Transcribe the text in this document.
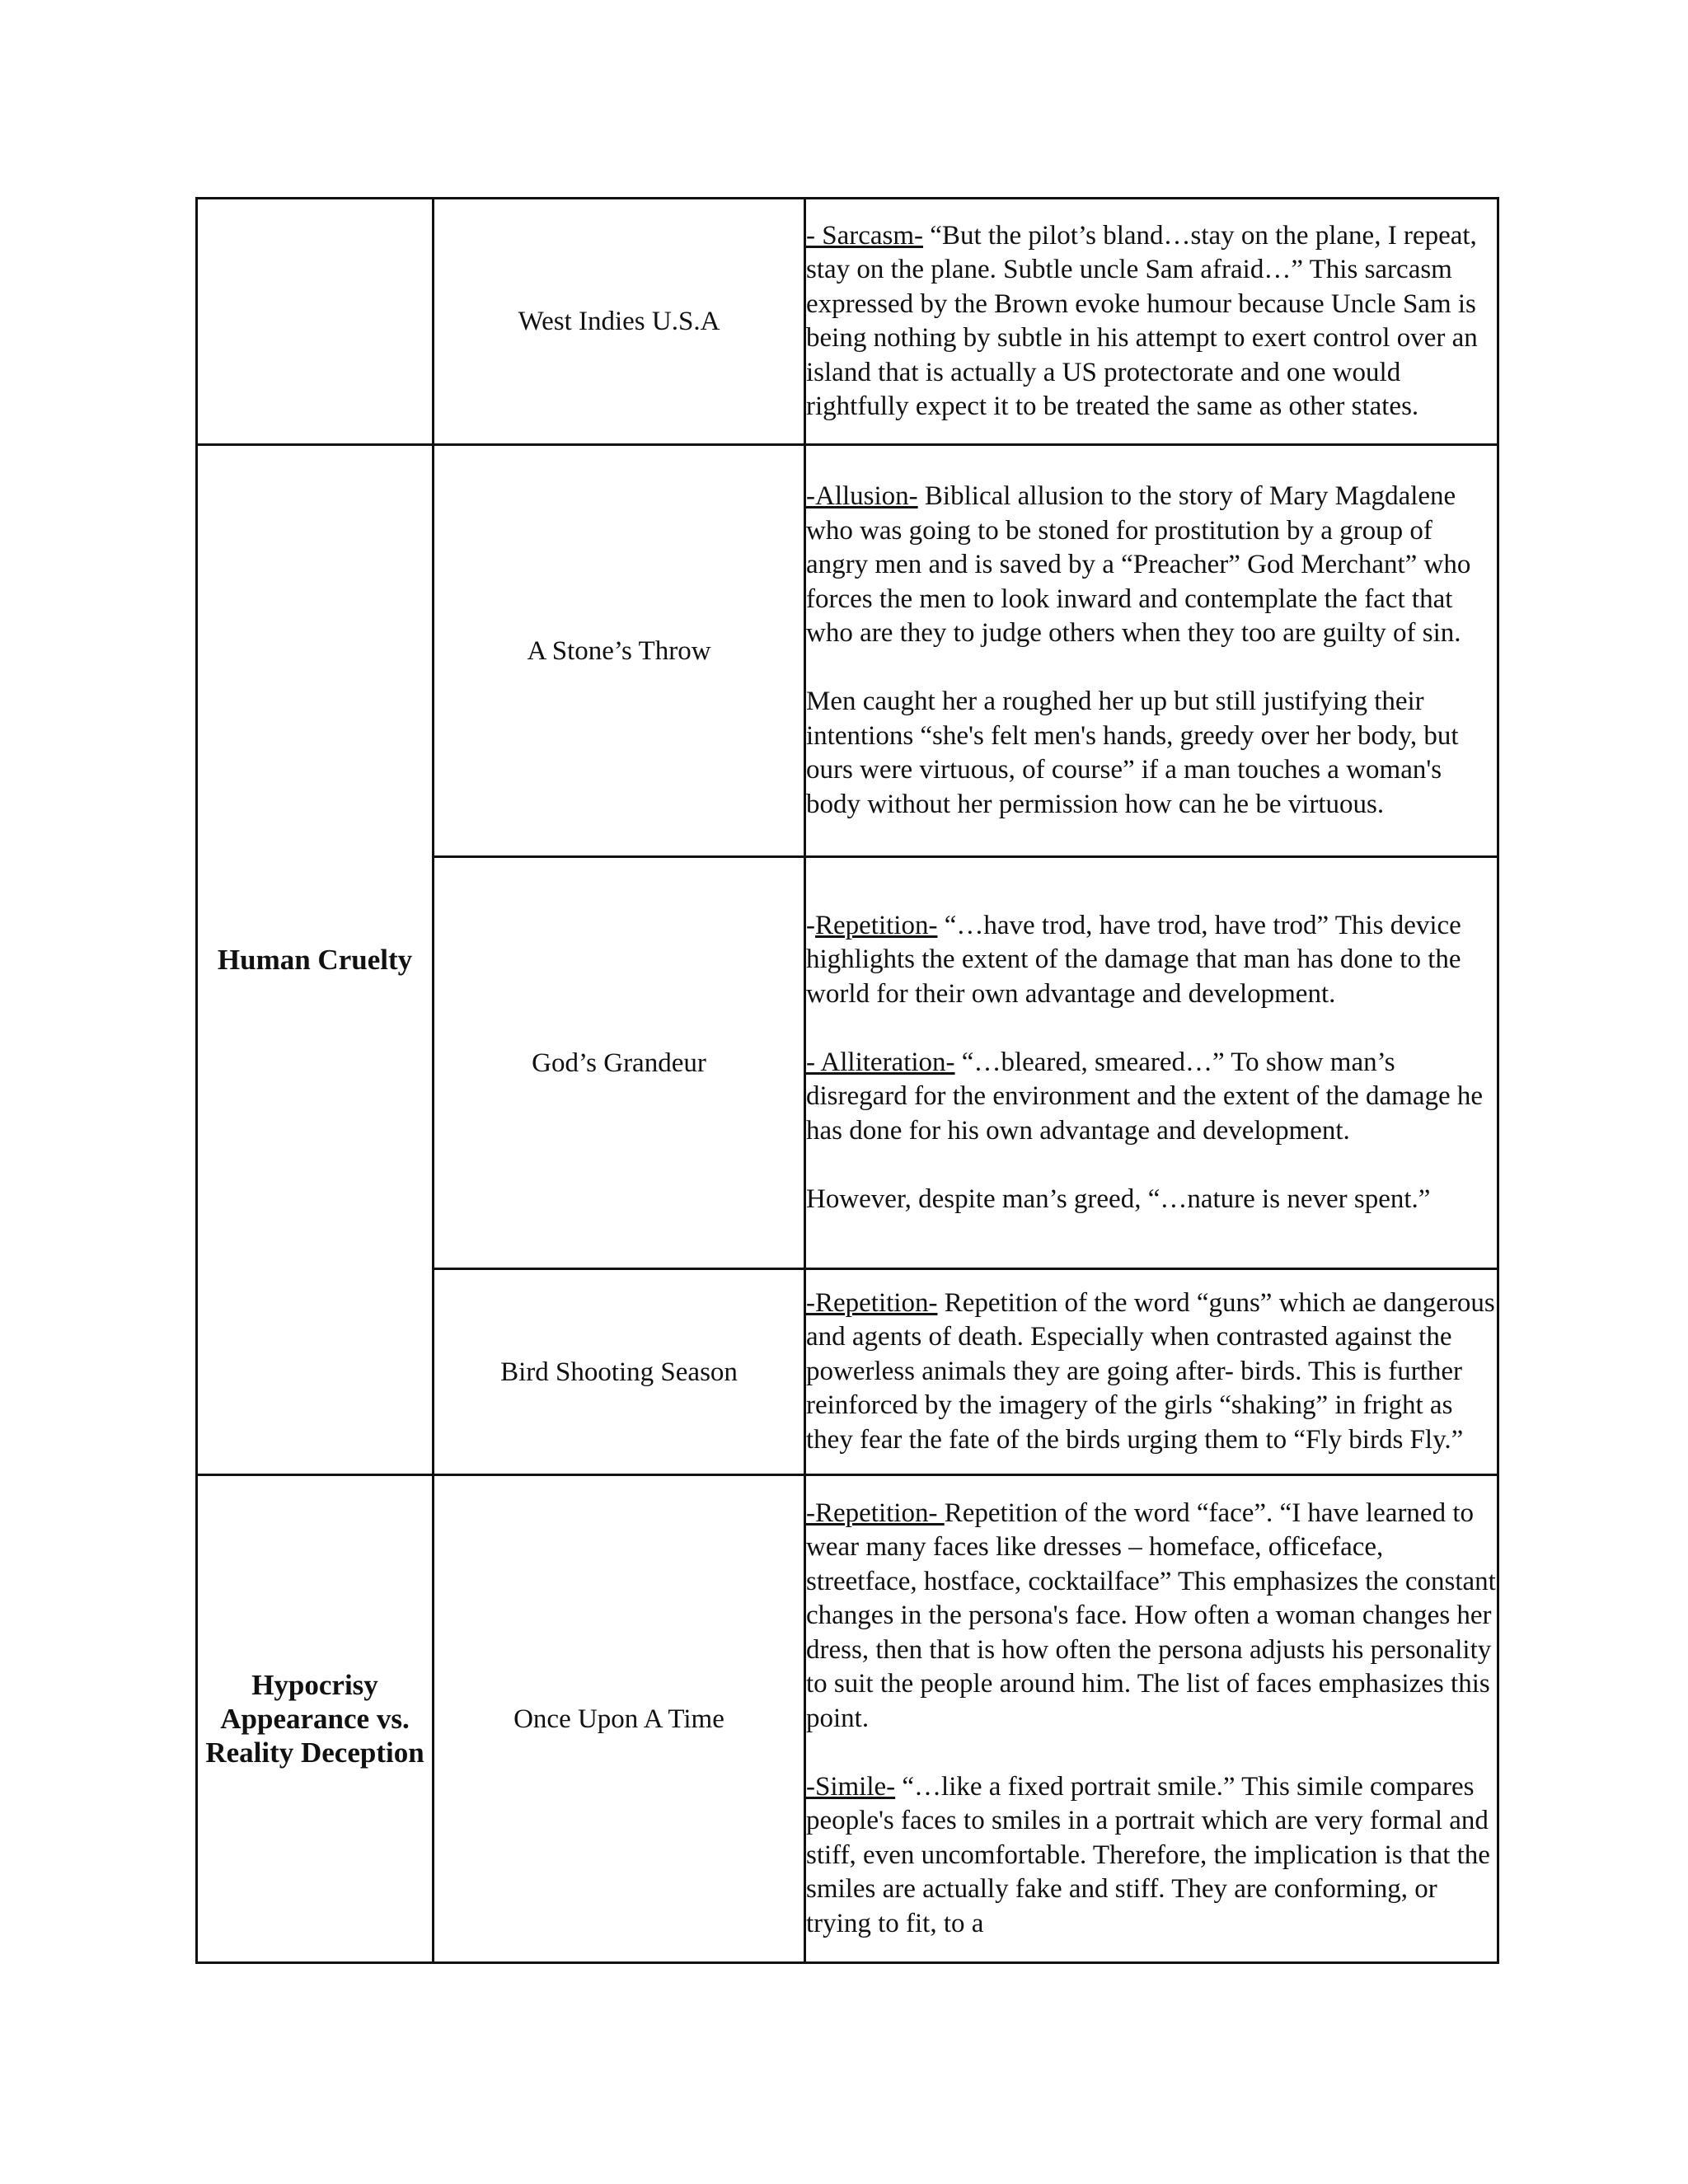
	West Indies U.S.A	- Sarcasm- “But the pilot’s bland…stay on the plane, I repeat, stay on the plane. Subtle uncle Sam afraid…” This sarcasm expressed by the Brown evoke humour because Uncle Sam is being nothing by subtle in his attempt to exert control over an island that is actually a US protectorate and one would rightfully expect it to be treated the same as other states.

Human Cruelty	A Stone’s Throw	-Allusion- Biblical allusion to the story of Mary Magdalene who was going to be stoned for prostitution by a group of angry men and is saved by a “Preacher” God Merchant” who forces the men to look inward and contemplate the fact that who are they to judge others when they too are guilty of sin.

Men caught her a roughed her up but still justifying their intentions “she's felt men's hands, greedy over her body, but ours were virtuous, of course” if a man touches a woman's body without her permission how can he be virtuous.

	God’s Grandeur	-Repetition- “…have trod, have trod, have trod” This device highlights the extent of the damage that man has done to the world for their own advantage and development.

- Alliteration- “…bleared, smeared…” To show man’s disregard for the environment and the extent of the damage he has done for his own advantage and development.

However, despite man’s greed, “…nature is never spent.”

	Bird Shooting Season	-Repetition- Repetition of the word “guns” which ae dangerous and agents of death. Especially when contrasted against the powerless animals they are going after- birds. This is further reinforced by the imagery of the girls “shaking” in fright as they fear the fate of the birds urging them to “Fly birds Fly.”

Hypocrisy Appearance vs. Reality Deception	Once Upon A Time	-Repetition- Repetition of the word “face”. “I have learned to wear many faces like dresses – homeface, officeface, streetface, hostface, cocktailface” This emphasizes the constant changes in the persona's face. How often a woman changes her dress, then that is how often the persona adjusts his personality to suit the people around him. The list of faces emphasizes this point.

-Simile- “…like a fixed portrait smile.” This simile compares people's faces to smiles in a portrait which are very formal and stiff, even uncomfortable. Therefore, the implication is that the smiles are actually fake and stiff. They are conforming, or trying to fit, to a
